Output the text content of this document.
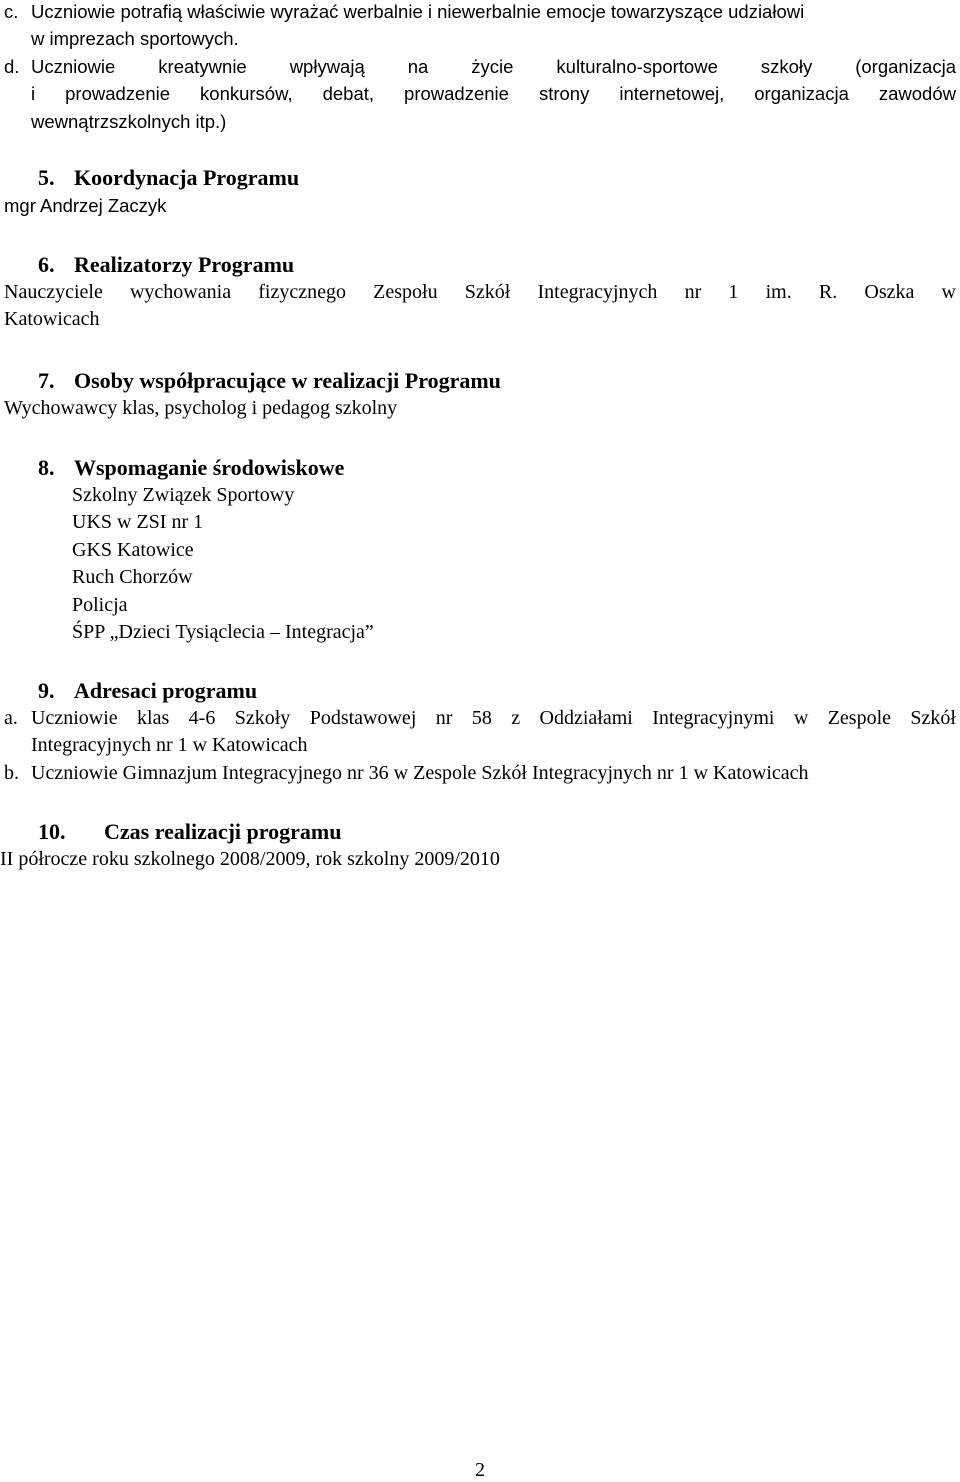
c. Uczniowie potrafią właściwie wyrażać werbalnie i niewerbalnie emocje towarzyszące udziałowi
w imprezach sportowych.
d. Uczniowie kreatywnie wpływają na życie kulturalno-sportowe szkoły (organizacja
i prowadzenie konkursów, debat, prowadzenie strony internetowej, organizacja zawodów
wewnątrzszkolnych itp.)
5. Koordynacja Programu
mgr Andrzej Zaczyk
6. Realizatorzy Programu
Nauczyciele wychowania fizycznego Zespołu Szkół Integracyjnych nr 1 im. R. Oszka w
Katowicach
7. Osoby współpracujące w realizacji Programu
Wychowawcy klas, psycholog i pedagog szkolny
8. Wspomaganie środowiskowe
Szkolny Związek Sportowy
UKS w ZSI nr 1
GKS Katowice
Ruch Chorzów
Policja
ŚPP „Dzieci Tysiąclecia – Integracja”
9. Adresaci programu
a. Uczniowie klas 4-6 Szkoły Podstawowej nr 58 z Oddziałami Integracyjnymi w Zespole Szkół
Integracyjnych nr 1 w Katowicach
b. Uczniowie Gimnazjum Integracyjnego nr 36 w Zespole Szkół Integracyjnych nr 1 w Katowicach
10.	Czas realizacji programu
II półrocze roku szkolnego 2008/2009, rok szkolny 2009/2010
2
